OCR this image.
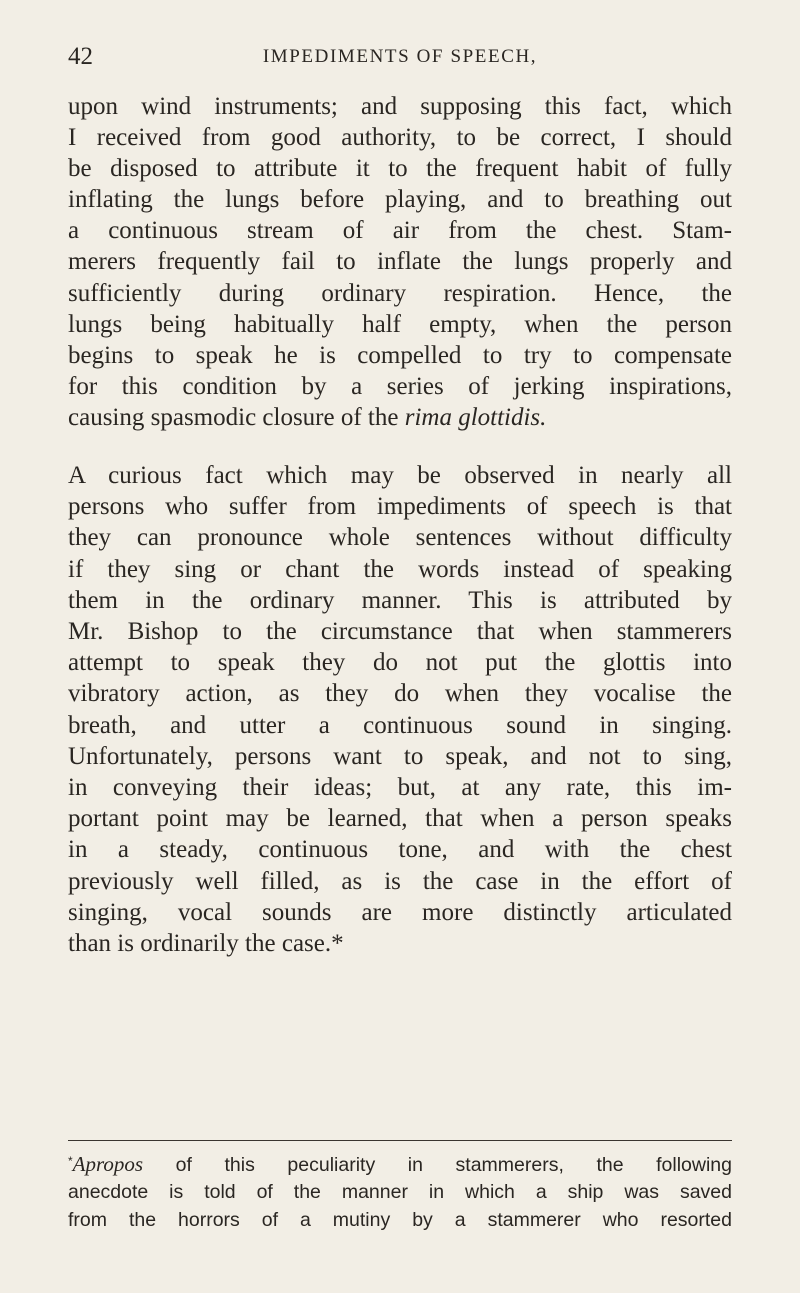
42	IMPEDIMENTS OF SPEECH,

upon wind instruments; and supposing this fact, which

I received from good authority, to be correct, I should

be disposed to attribute it to the frequent habit of fully

inflating the lungs before playing, and to breathing out

a continuous stream of air from the chest. Stam-

merers frequently fail to inflate the lungs properly and

sufficiently during ordinary respiration. Hence, the

lungs being habitually half empty, when the person

begins to speak he is compelled to try to compensate

for this condition by a series of jerking inspirations,

causing spasmodic closure of the rima glottidis.

A curious fact which may be observed in nearly all

persons who suffer from impediments of speech is that

they can pronounce whole sentences without difficulty

if they sing or chant the words instead of speaking

them in the ordinary manner. This is attributed by

Mr. Bishop to the circumstance that when stammerers

attempt to speak they do not put the glottis into

vibratory action, as they do when they vocalise the

breath, and utter a continuous sound in singing.

Unfortunately, persons want to speak, and not to sing,

in conveying their ideas; but, at any rate, this im-

portant point may be learned, that when a person speaks

in a steady, continuous tone, and with the chest

previously well filled, as is the case in the effort of

singing, vocal sounds are more distinctly articulated

than is ordinarily the case.*

*Apropos of this peculiarity in stammerers, the following

anecdote is told of the manner in which a ship was saved

from the horrors of a mutiny by a stammerer who resorted
